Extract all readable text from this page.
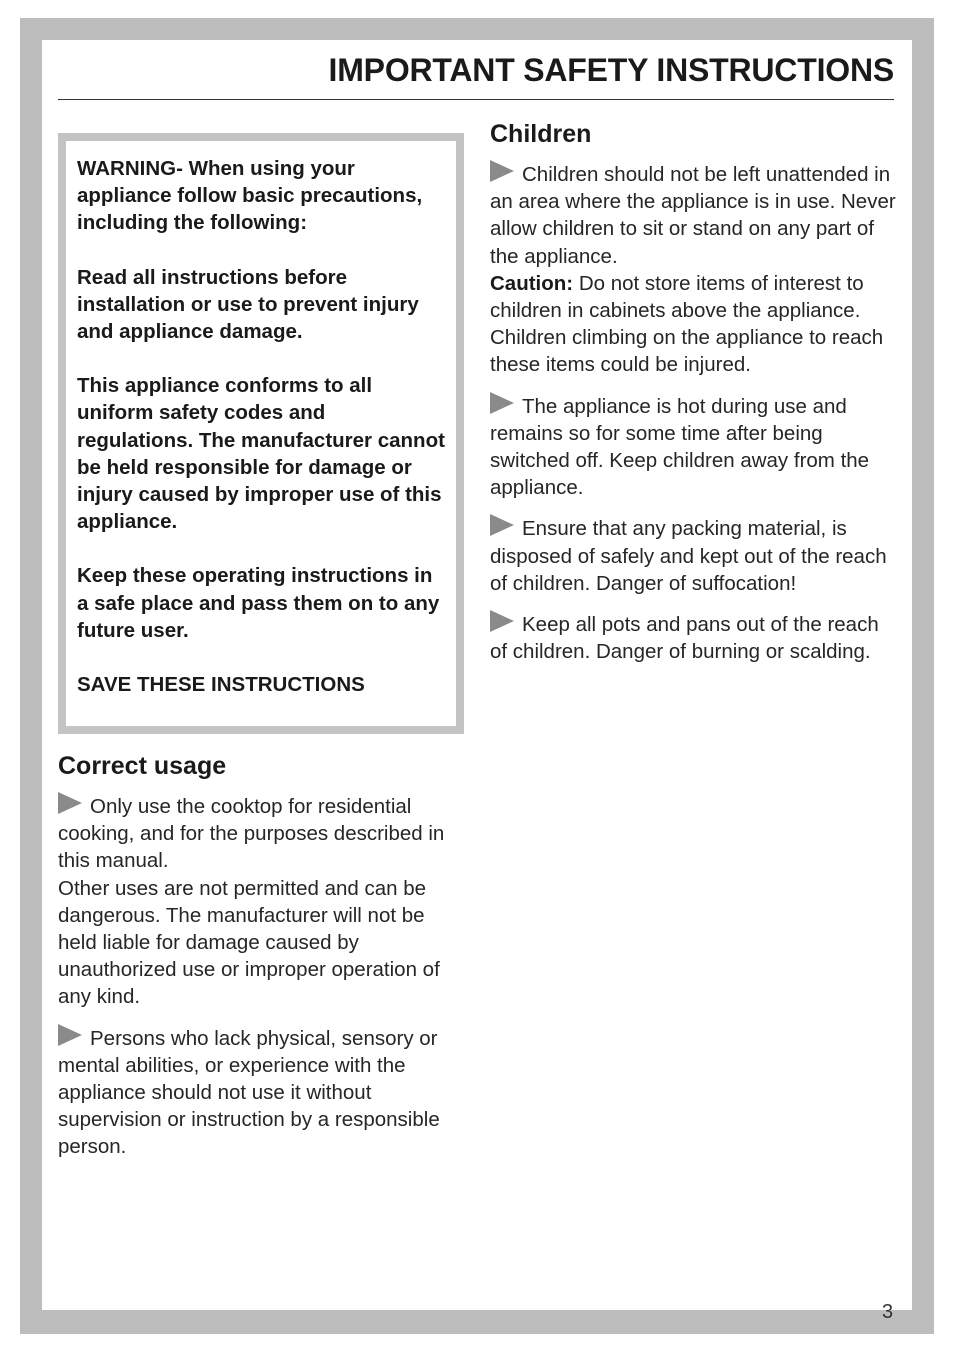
IMPORTANT SAFETY INSTRUCTIONS

WARNING- When using your appliance follow basic precautions, including the following:

Read all instructions before installation or use to prevent injury and appliance damage.

This appliance conforms to all uniform safety codes and regulations. The manufacturer cannot be held responsible for damage or injury caused by improper use of this appliance.

Keep these operating instructions in a safe place and pass them on to any future user.

SAVE THESE INSTRUCTIONS

Correct usage
Only use the cooktop for residential cooking, and for the purposes described in this manual.
Other uses are not permitted and can be dangerous. The manufacturer will not be held liable for damage caused by unauthorized use or improper operation of any kind.
Persons who lack physical, sensory or mental abilities, or experience with the appliance should not use it without supervision or instruction by a responsible person.
Children
Children should not be left unattended in an area where the appliance is in use. Never allow children to sit or stand on any part of the appliance.
Caution: Do not store items of interest to children in cabinets above the appliance. Children climbing on the appliance to reach these items could be injured.
The appliance is hot during use and remains so for some time after being switched off. Keep children away from the appliance.
Ensure that any packing material, is disposed of safely and kept out of the reach of children. Danger of suffocation!
Keep all pots and pans out of the reach of children. Danger of burning or scalding.
3
